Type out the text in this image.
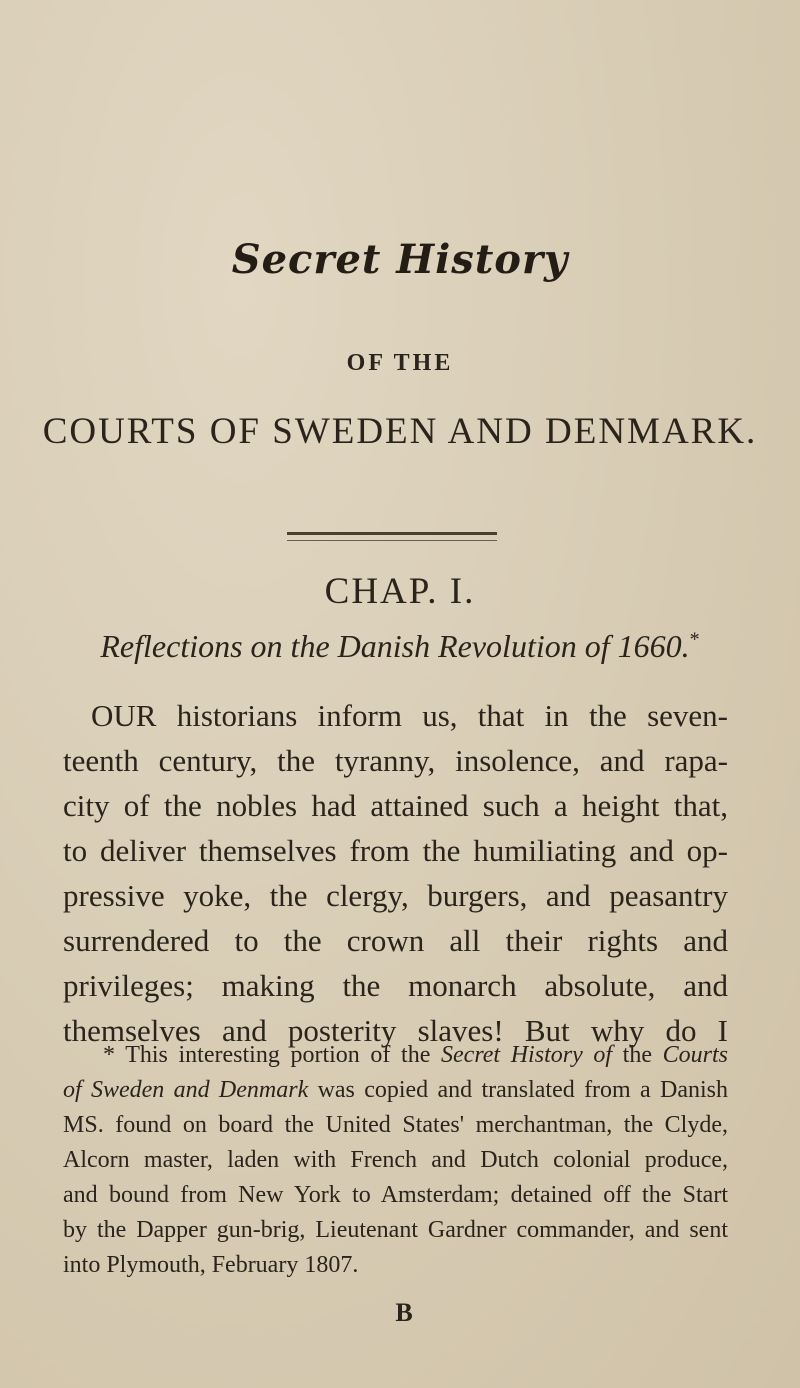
Secret History
OF THE
COURTS OF SWEDEN AND DENMARK.
CHAP. I.
Reflections on the Danish Revolution of 1660.*
OUR historians inform us, that in the seven-
teenth century, the tyranny, insolence, and rapa-
city of the nobles had attained such a height that,
to deliver themselves from the humiliating and op-
pressive yoke, the clergy, burgers, and peasantry
surrendered to the crown all their rights and
privileges; making the monarch absolute, and
themselves and posterity slaves! But why do I
* This interesting portion of the Secret History of the Courts
of Sweden and Denmark was copied and translated from a Danish
MS. found on board the United States' merchantman, the Clyde,
Alcorn master, laden with French and Dutch colonial produce,
and bound from New York to Amsterdam; detained off the Start
by the Dapper gun-brig, Lieutenant Gardner commander, and sent
into Plymouth, February 1807.
B
